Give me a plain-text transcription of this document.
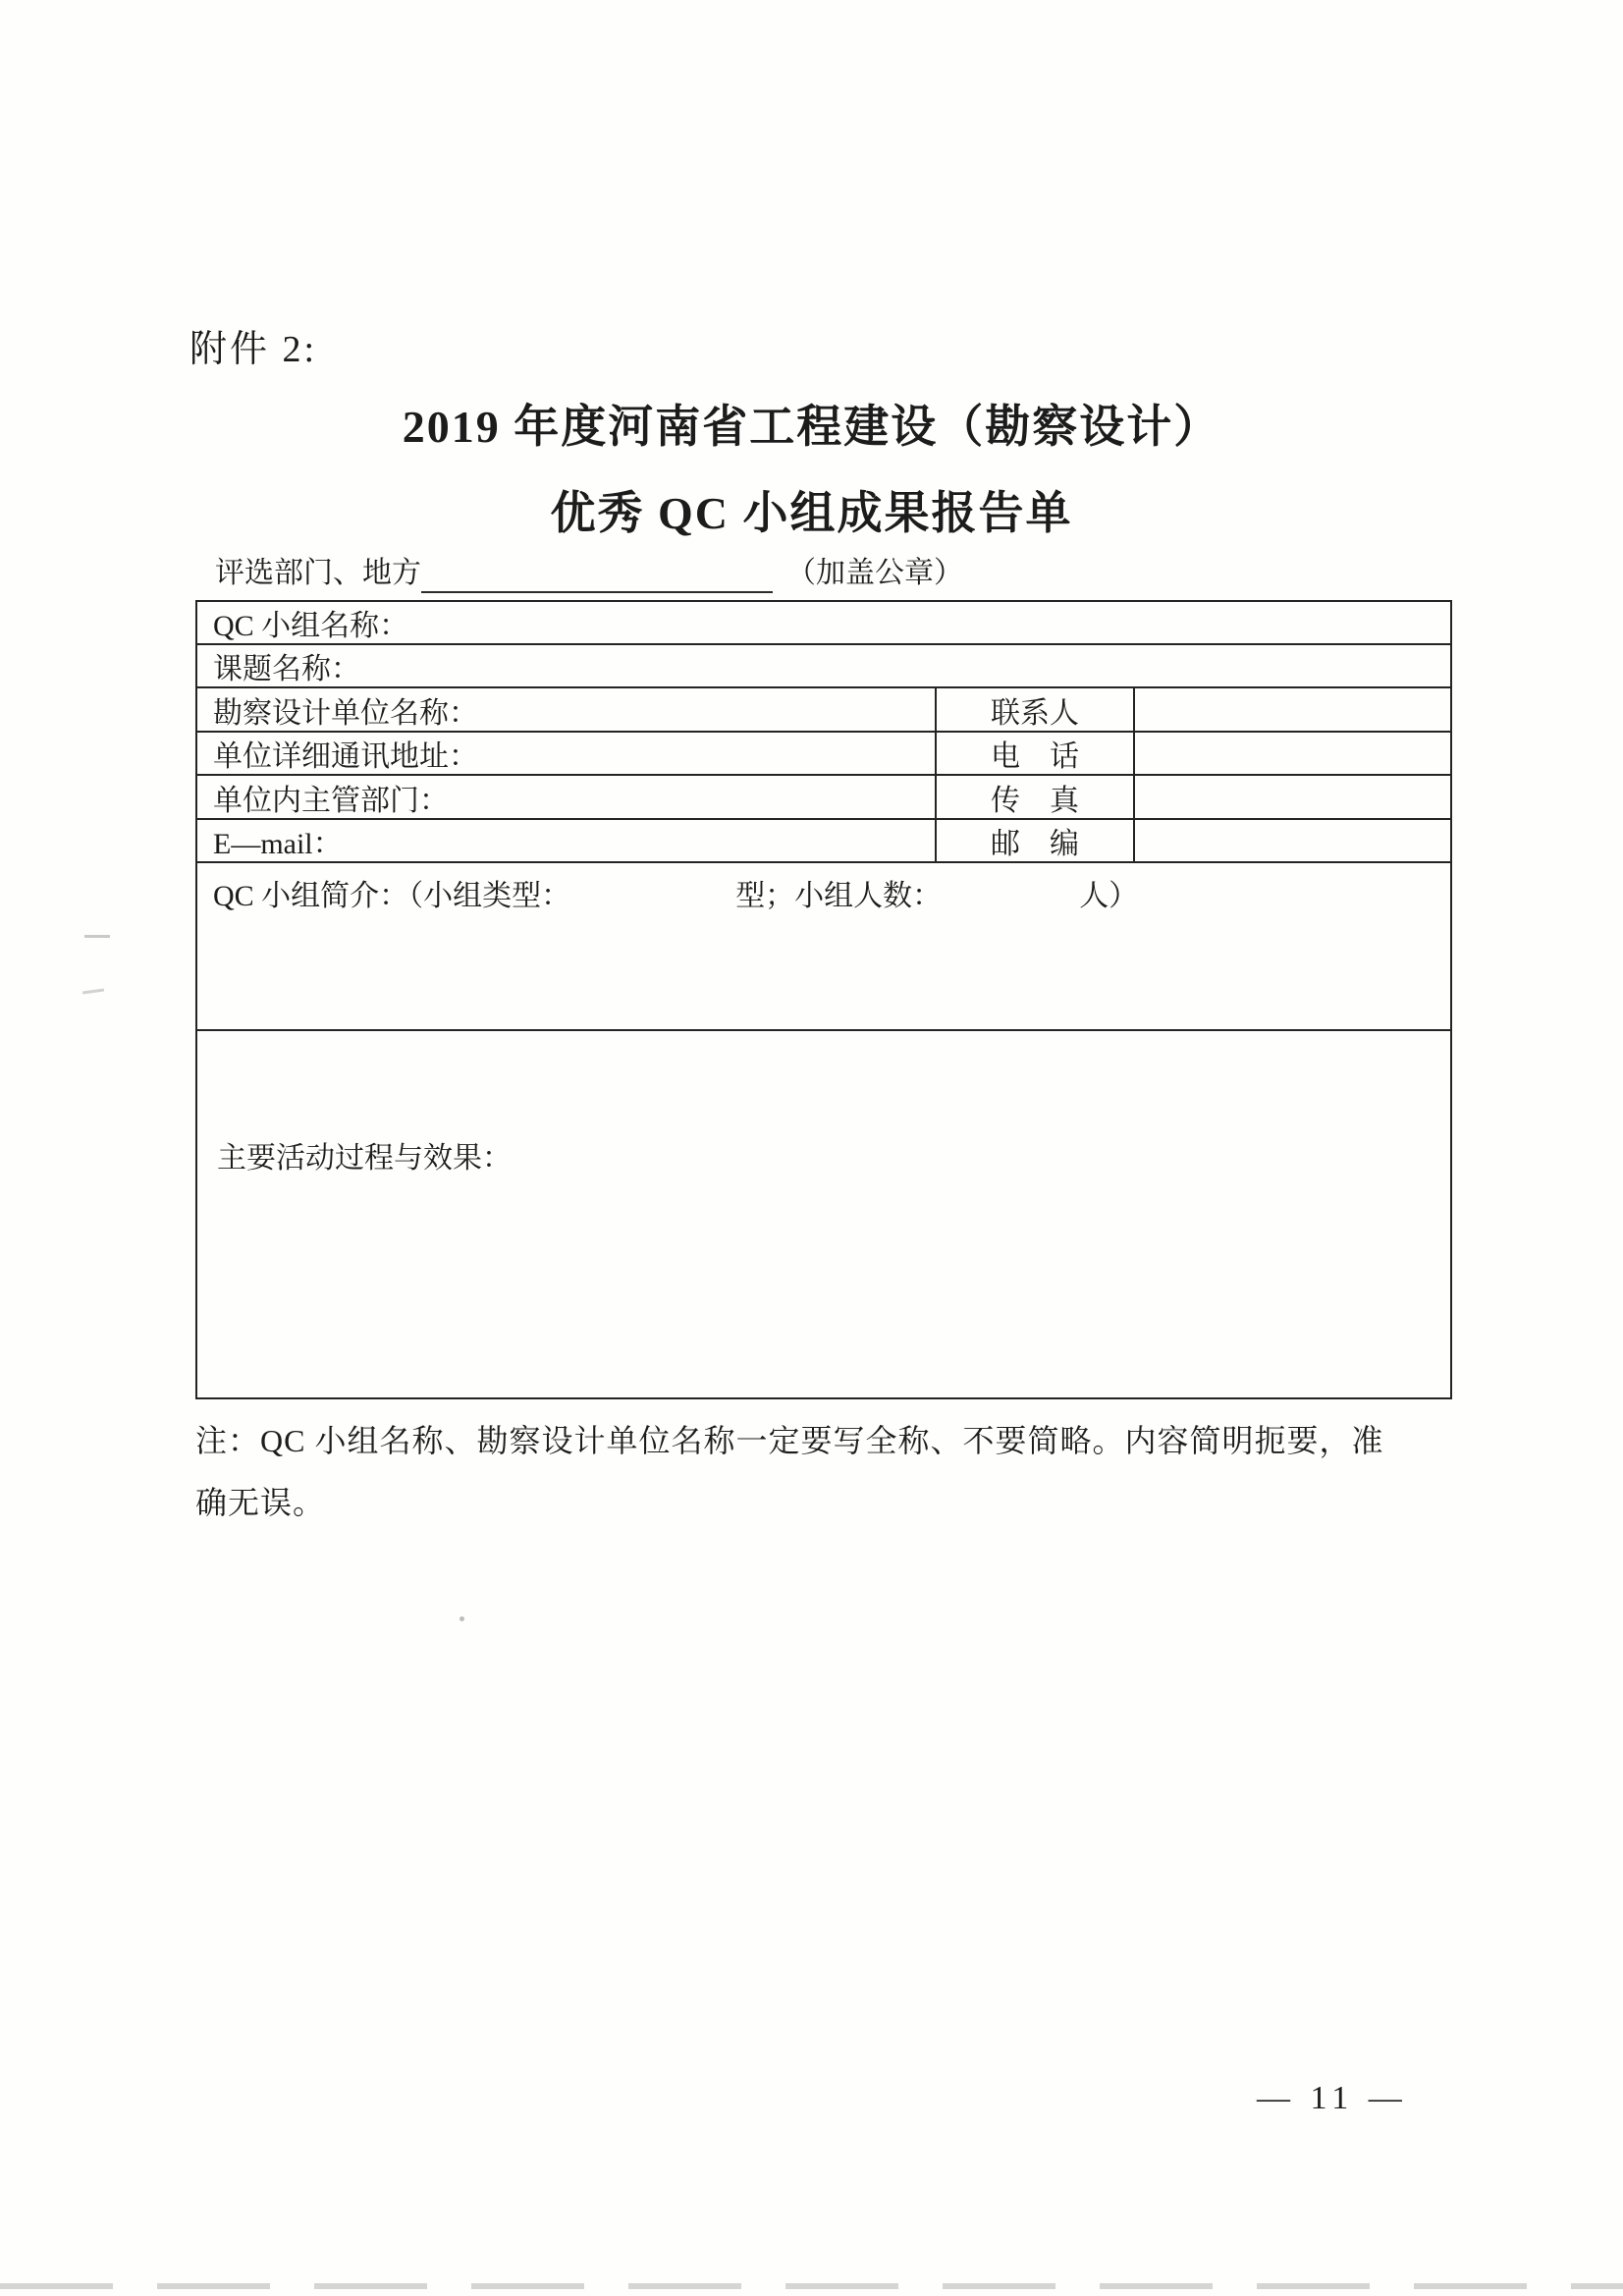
附件 2:
2019 年度河南省工程建设（勘察设计）
优秀 QC 小组成果报告单
评选部门、地方	（加盖公章）
QC 小组名称：
课题名称：
勘察设计单位名称：	联系人
单位详细通讯地址：	电　话
单位内主管部门：	传　真
E—mail：	邮　编
QC 小组简介：（小组类型：	型；小组人数：	人）
主要活动过程与效果：
注：QC 小组名称、勘察设计单位名称一定要写全称、不要简略。内容简明扼要，准
确无误。
— 11 —
